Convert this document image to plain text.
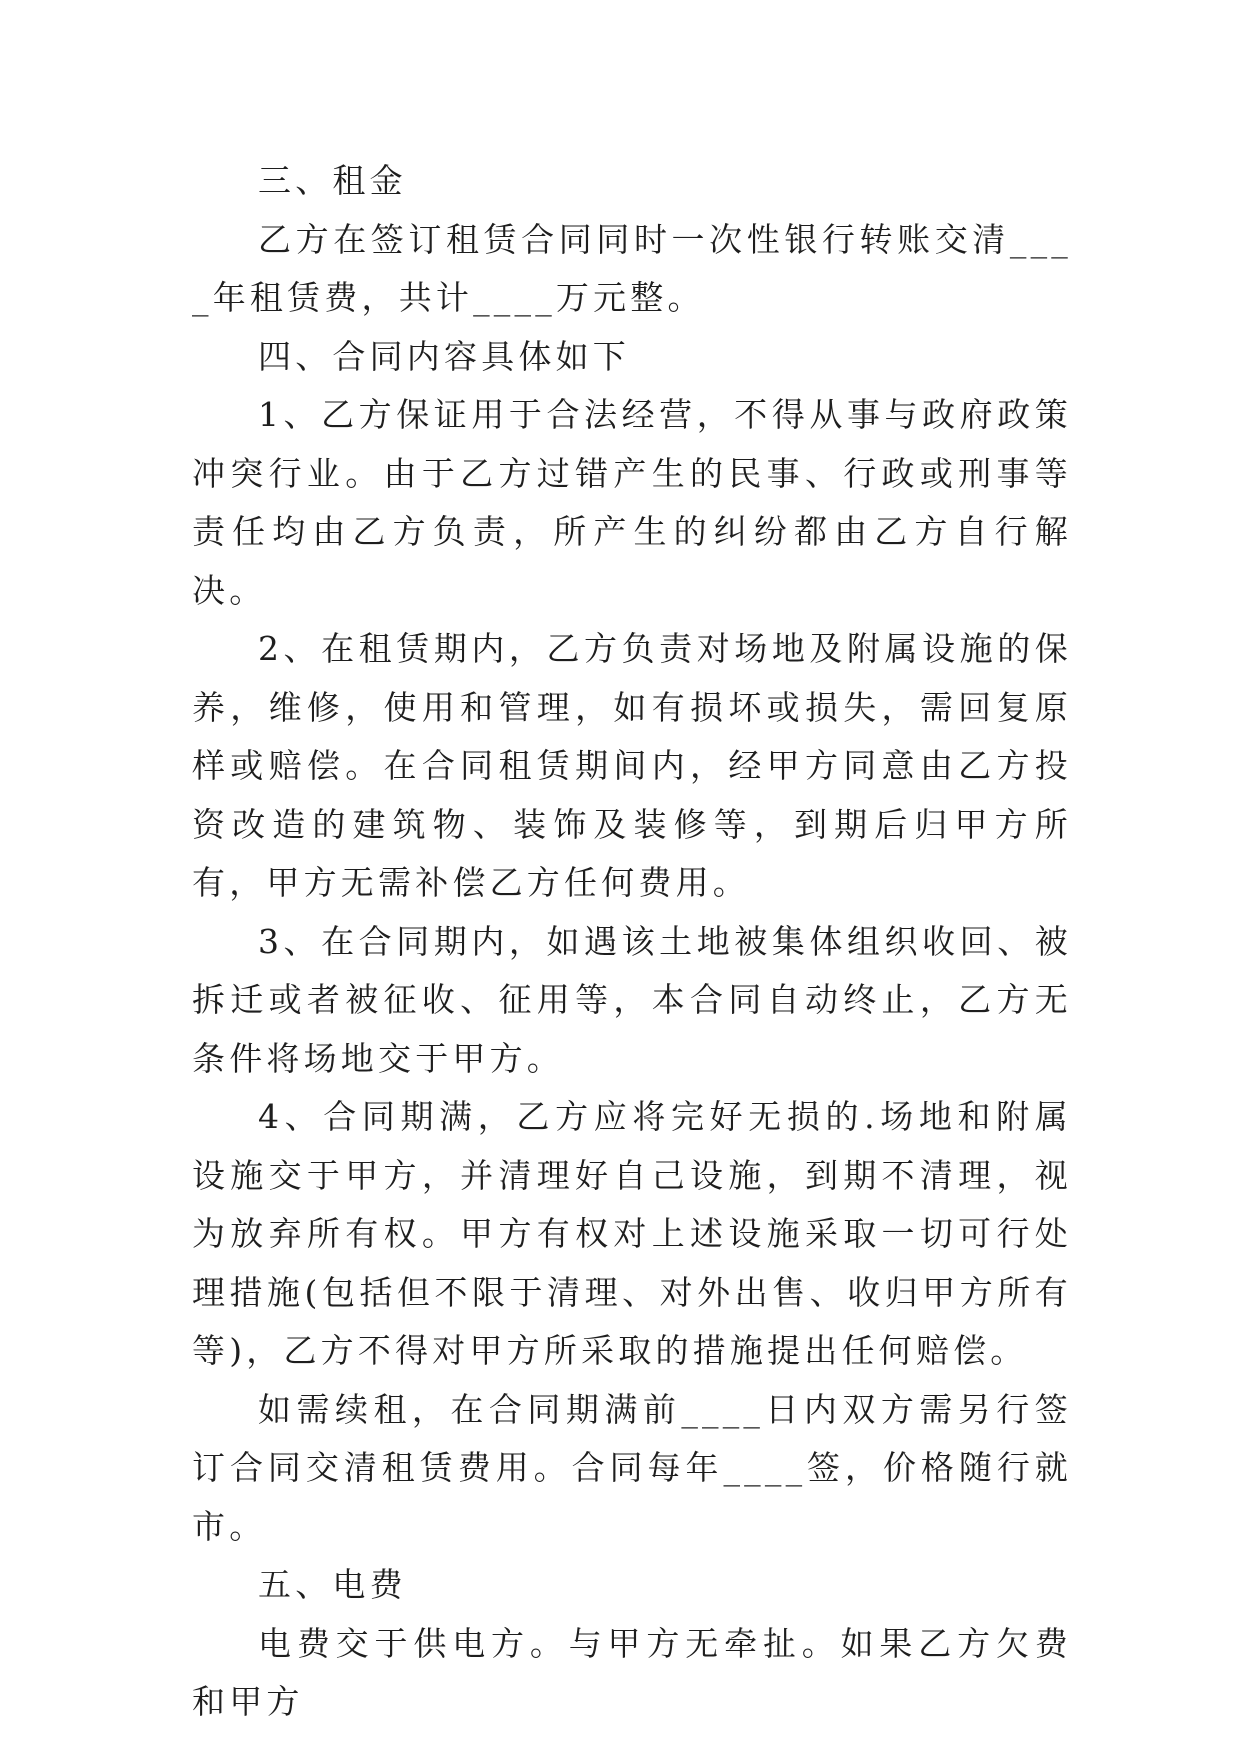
三、租金

乙方在签订租赁合同同时一次性银行转账交清____年租赁费，共计____万元整。

四、合同内容具体如下

1、乙方保证用于合法经营，不得从事与政府政策冲突行业。由于乙方过错产生的民事、行政或刑事等责任均由乙方负责，所产生的纠纷都由乙方自行解决。

2、在租赁期内，乙方负责对场地及附属设施的保养，维修，使用和管理，如有损坏或损失，需回复原样或赔偿。在合同租赁期间内，经甲方同意由乙方投资改造的建筑物、装饰及装修等，到期后归甲方所有，甲方无需补偿乙方任何费用。

3、在合同期内，如遇该土地被集体组织收回、被拆迁或者被征收、征用等，本合同自动终止，乙方无条件将场地交于甲方。

4、合同期满，乙方应将完好无损的.场地和附属设施交于甲方，并清理好自己设施，到期不清理，视为放弃所有权。甲方有权对上述设施采取一切可行处理措施(包括但不限于清理、对外出售、收归甲方所有等)，乙方不得对甲方所采取的措施提出任何赔偿。

如需续租，在合同期满前____日内双方需另行签订合同交清租赁费用。合同每年____签，价格随行就市。

五、电费

电费交于供电方。与甲方无牵扯。如果乙方欠费和甲方
